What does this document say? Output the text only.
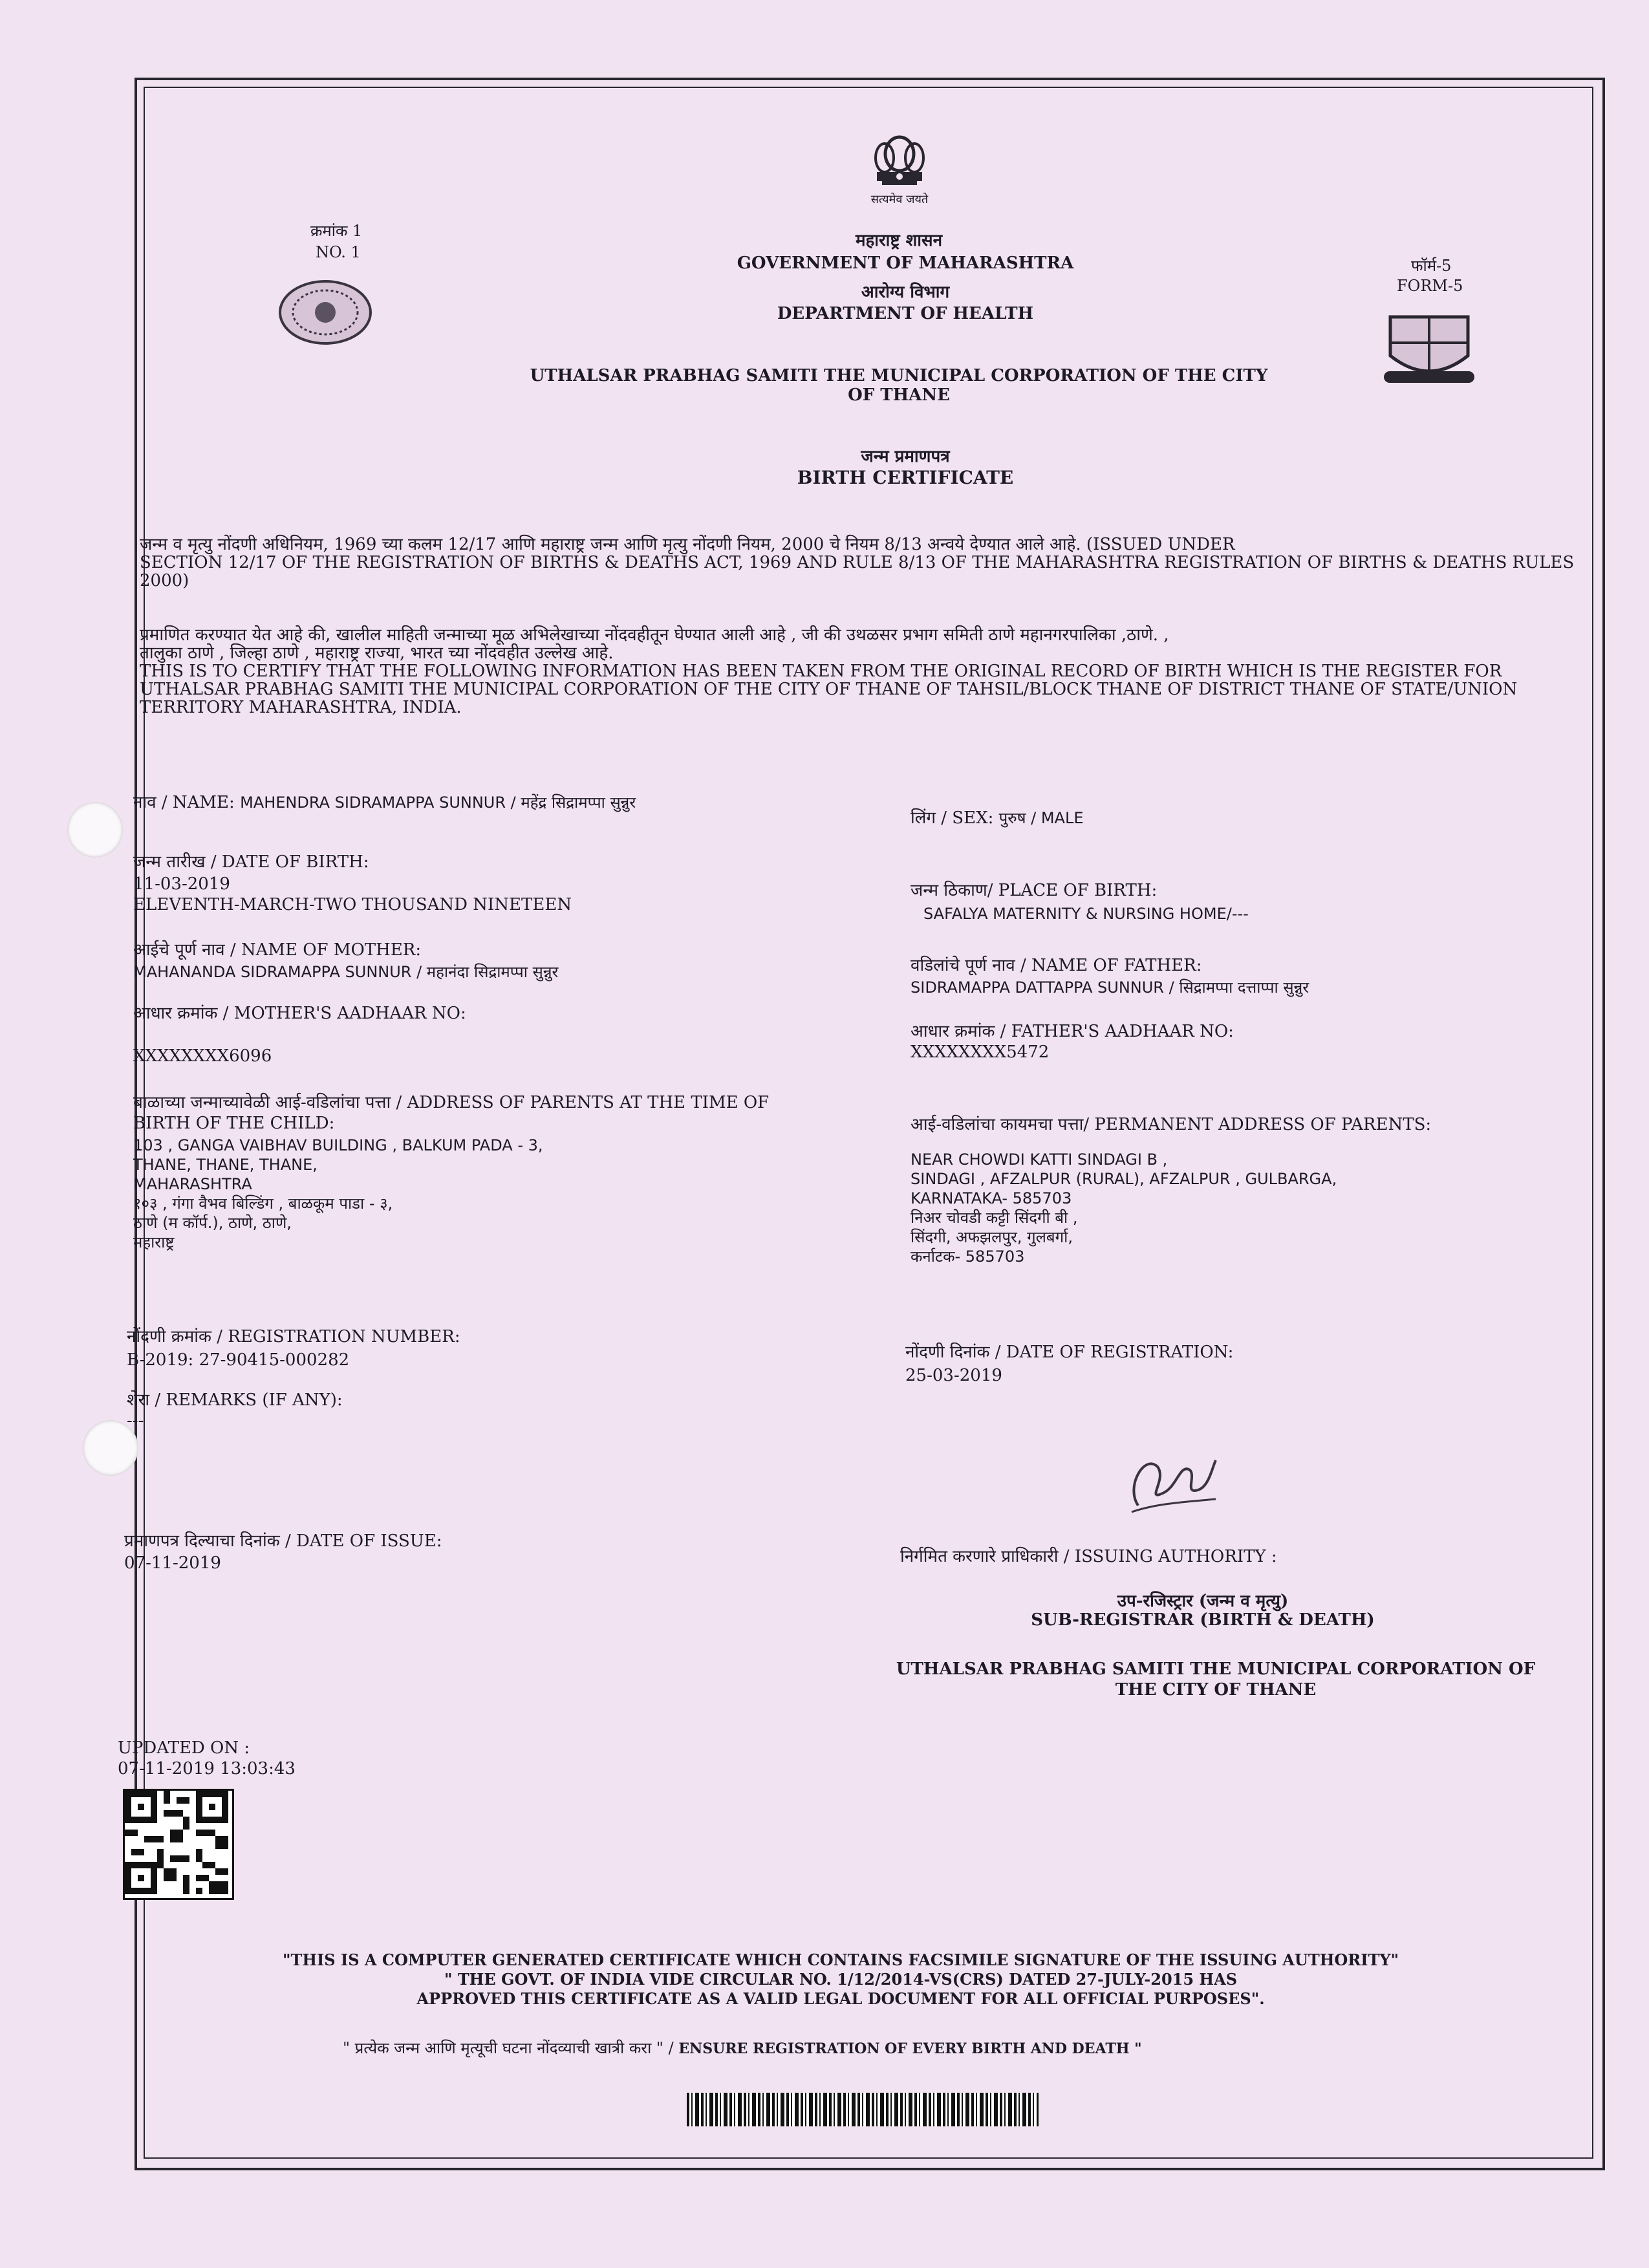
सत्यमेव जयते
क्रमांक 1
NO. 1
फॉर्म-5
FORM-5
महाराष्ट्र शासन
GOVERNMENT OF MAHARASHTRA
आरोग्य विभाग
DEPARTMENT OF HEALTH
UTHALSAR PRABHAG SAMITI THE MUNICIPAL CORPORATION OF THE CITY
OF THANE
जन्म प्रमाणपत्र
BIRTH CERTIFICATE
जन्म व मृत्यु नोंदणी अधिनियम, 1969 च्या कलम 12/17 आणि महाराष्ट्र जन्म आणि मृत्यु नोंदणी नियम, 2000 चे नियम 8/13 अन्वये देण्यात आले आहे. (ISSUED UNDER
SECTION 12/17 OF THE REGISTRATION OF BIRTHS & DEATHS ACT, 1969 AND RULE 8/13 OF THE MAHARASHTRA REGISTRATION OF BIRTHS & DEATHS RULES
2000)
प्रमाणित करण्यात येत आहे की, खालील माहिती जन्माच्या मूळ अभिलेखाच्या नोंदवहीतून घेण्यात आली आहे , जी की उथळसर प्रभाग समिती ठाणे महानगरपालिका ,ठाणे. ,
तालुका ठाणे , जिल्हा ठाणे , महाराष्ट्र राज्या, भारत च्या नोंदवहीत उल्लेख आहे.
THIS IS TO CERTIFY THAT THE FOLLOWING INFORMATION HAS BEEN TAKEN FROM THE ORIGINAL RECORD OF BIRTH WHICH IS THE REGISTER FOR
UTHALSAR PRABHAG SAMITI THE MUNICIPAL CORPORATION OF THE CITY OF THANE OF TAHSIL/BLOCK THANE OF DISTRICT THANE OF STATE/UNION
TERRITORY MAHARASHTRA, INDIA.
नाव / NAME: MAHENDRA SIDRAMAPPA SUNNUR / महेंद्र सिद्रामप्पा सुन्नुर
लिंग / SEX: पुरुष / MALE
जन्म तारीख / DATE OF BIRTH:
11-03-2019
ELEVENTH-MARCH-TWO THOUSAND NINETEEN
जन्म ठिकाण/ PLACE OF BIRTH:
SAFALYA MATERNITY & NURSING HOME/---
आईचे पूर्ण नाव / NAME OF MOTHER:
MAHANANDA SIDRAMAPPA SUNNUR / महानंदा सिद्रामप्पा सुन्नुर	वडिलांचे पूर्ण नाव / NAME OF FATHER:
SIDRAMAPPA DATTAPPA SUNNUR / सिद्रामप्पा दत्ताप्पा सुन्नुर
आधार क्रमांक / MOTHER'S AADHAAR NO:
XXXXXXXX6096
आधार क्रमांक / FATHER'S AADHAAR NO:
XXXXXXXX5472
बाळाच्या जन्माच्यावेळी आई-वडिलांचा पत्ता / ADDRESS OF PARENTS AT THE TIME OF
BIRTH OF THE CHILD:
103 , GANGA VAIBHAV BUILDING , BALKUM PADA - 3,
THANE, THANE, THANE,
MAHARASHTRA
१०३ , गंगा वैभव बिल्डिंग , बाळकूम पाडा - ३,
ठाणे (म कॉर्प.), ठाणे, ठाणे,
महाराष्ट्र
आई-वडिलांचा कायमचा पत्ता/ PERMANENT ADDRESS OF PARENTS:
NEAR CHOWDI KATTI SINDAGI B ,
SINDAGI , AFZALPUR (RURAL), AFZALPUR , GULBARGA,
KARNATAKA- 585703
निअर चोवडी कट्टी सिंदगी बी ,
सिंदगी, अफझलपुर, गुलबर्गा,
कर्नाटक- 585703
नोंदणी क्रमांक / REGISTRATION NUMBER:
B-2019: 27-90415-000282	नोंदणी दिनांक / DATE OF REGISTRATION:
25-03-2019
शेरा / REMARKS (IF ANY):
---
प्रमाणपत्र दिल्याचा दिनांक / DATE OF ISSUE:
07-11-2019	निर्गमित करणारे प्राधिकारी / ISSUING AUTHORITY :
उप-रजिस्ट्रार (जन्म व मृत्यु)
SUB-REGISTRAR (BIRTH & DEATH)
UTHALSAR PRABHAG SAMITI THE MUNICIPAL CORPORATION OF
THE CITY OF THANE
UPDATED ON :
07-11-2019 13:03:43
"THIS IS A COMPUTER GENERATED CERTIFICATE WHICH CONTAINS FACSIMILE SIGNATURE OF THE ISSUING AUTHORITY"
" THE GOVT. OF INDIA VIDE CIRCULAR NO. 1/12/2014-VS(CRS) DATED 27-JULY-2015 HAS
APPROVED THIS CERTIFICATE AS A VALID LEGAL DOCUMENT FOR ALL OFFICIAL PURPOSES".
" प्रत्येक जन्म आणि मृत्यूची घटना नोंदव्याची खात्री करा " / ENSURE REGISTRATION OF EVERY BIRTH AND DEATH "
